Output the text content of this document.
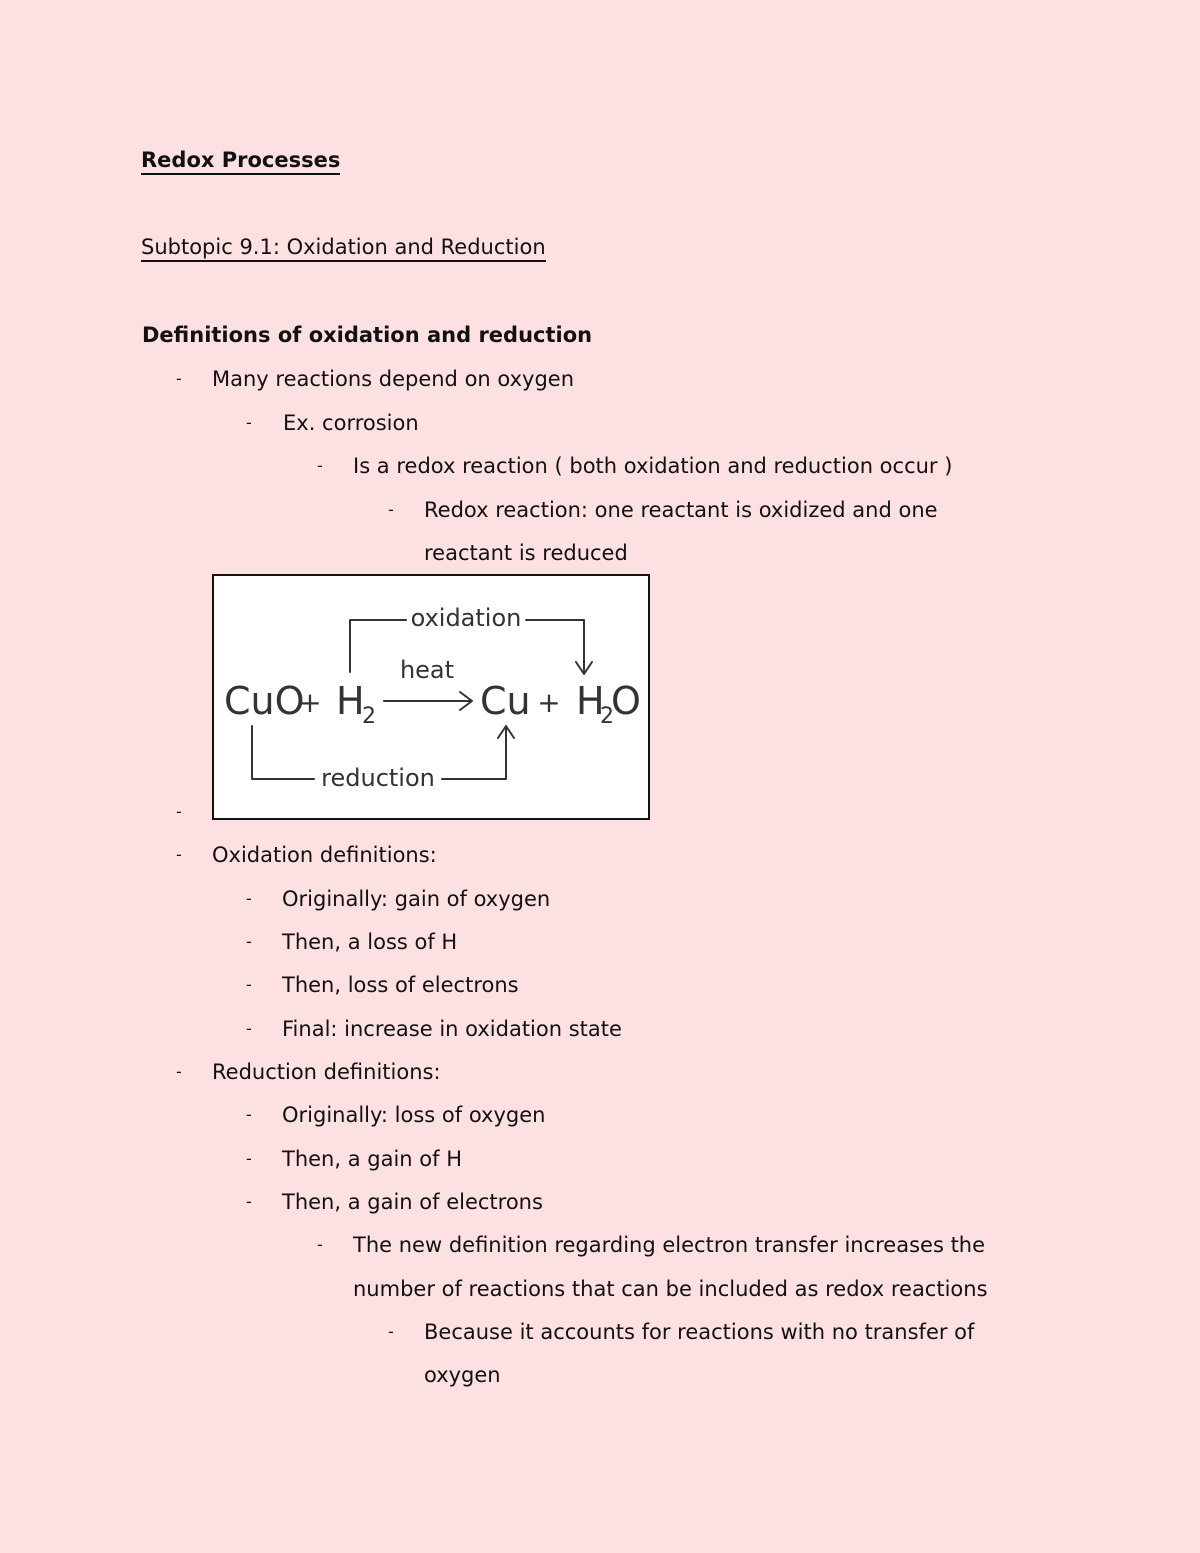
Redox Processes
Subtopic 9.1: Oxidation and Reduction
Definitions of oxidation and reduction
- Many reactions depend on oxygen
- Ex. corrosion
- Is a redox reaction ( both oxidation and reduction occur )
- Redox reaction: one reactant is oxidized and one
reactant is reduced
oxidation
heat
reduction
CuO
+ H
2	Cu + H
2
O
-
- Oxidation definitions:
- Originally: gain of oxygen
- Then, a loss of H
- Then, loss of electrons
- Final: increase in oxidation state
- Reduction definitions:
- Originally: loss of oxygen
- Then, a gain of H
- Then, a gain of electrons
- The new definition regarding electron transfer increases the
number of reactions that can be included as redox reactions
- Because it accounts for reactions with no transfer of
oxygen
